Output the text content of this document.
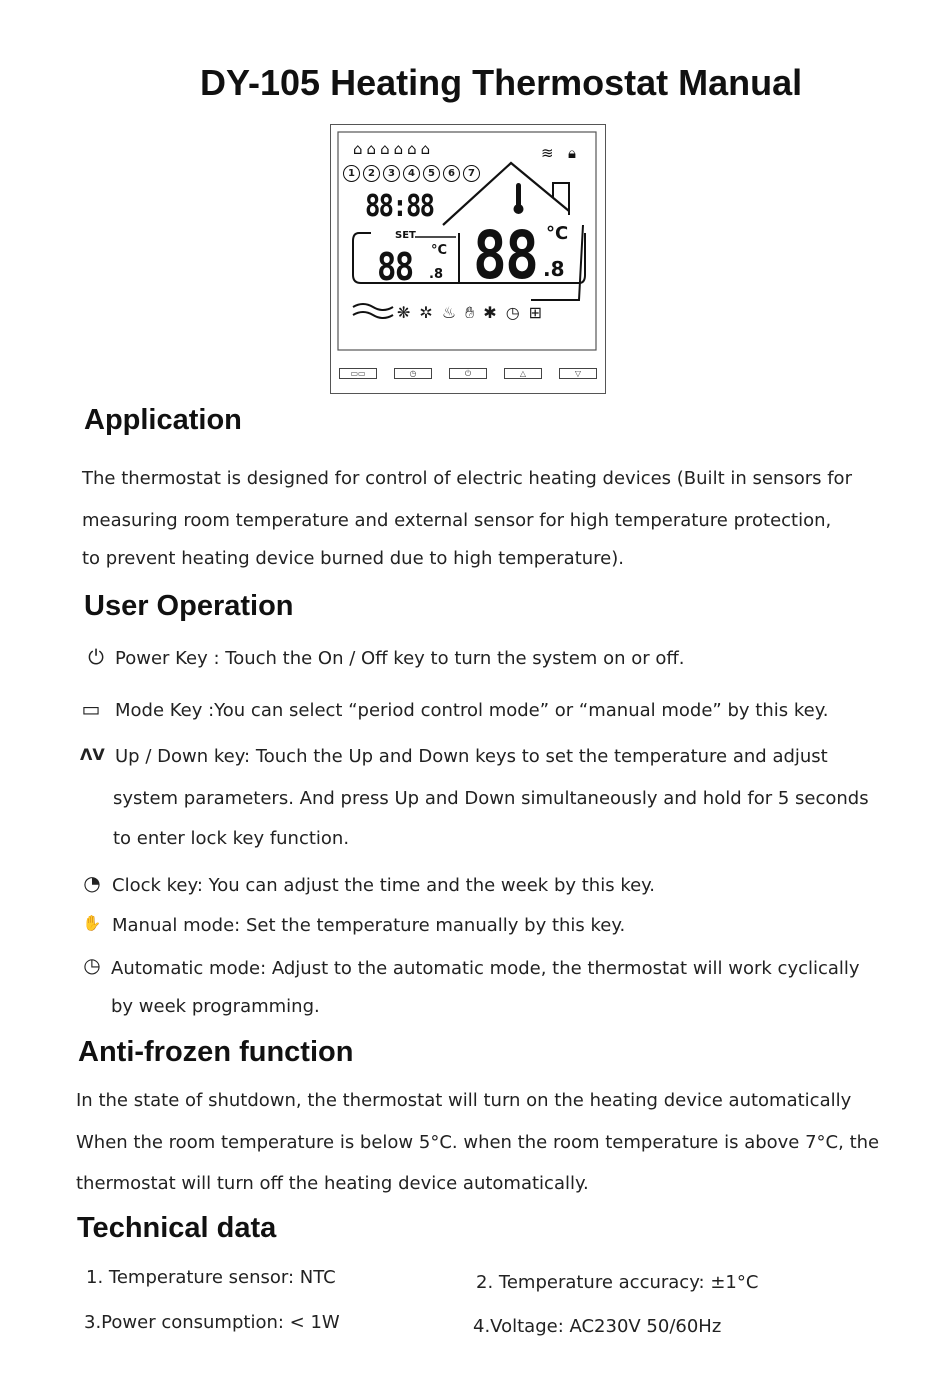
DY-105 Heating Thermostat Manual
⌂ ⌂ ⌂ ⌂ ⌂ ⌂	≋ 🔒︎
1	2	3	4	5	6	7
88:88
SET
88 °C
.8 88 °C
.8
❋ ✲ ♨ ✋︎ ✱ ◷ ⊞
▭▭	◷	⏻	△	▽
Application
The thermostat is designed for control of electric heating devices (Built in sensors for
measuring room temperature and external sensor for high temperature protection,
to prevent heating device burned due to high temperature).
User Operation
⏻ Power Key : Touch the On / Off key to turn the system on or off.
▭ Mode Key :You can select “period control mode” or “manual mode” by this key.
ΛV Up / Down key: Touch the Up and Down keys to set the temperature and adjust
system parameters. And press Up and Down simultaneously and hold for 5 seconds
to enter lock key function.
◔ Clock key: You can adjust the time and the week by this key.
✋ Manual mode: Set the temperature manually by this key.
◷ Automatic mode: Adjust to the automatic mode, the thermostat will work cyclically
by week programming.
Anti-frozen function
In the state of shutdown, the thermostat will turn on the heating device automatically
When the room temperature is below 5°C. when the room temperature is above 7°C, the
thermostat will turn off the heating device automatically.
Technical data
1. Temperature sensor: NTC	2. Temperature accuracy: ±1°C
3.Power consumption: < 1W	4.Voltage: AC230V 50/60Hz
